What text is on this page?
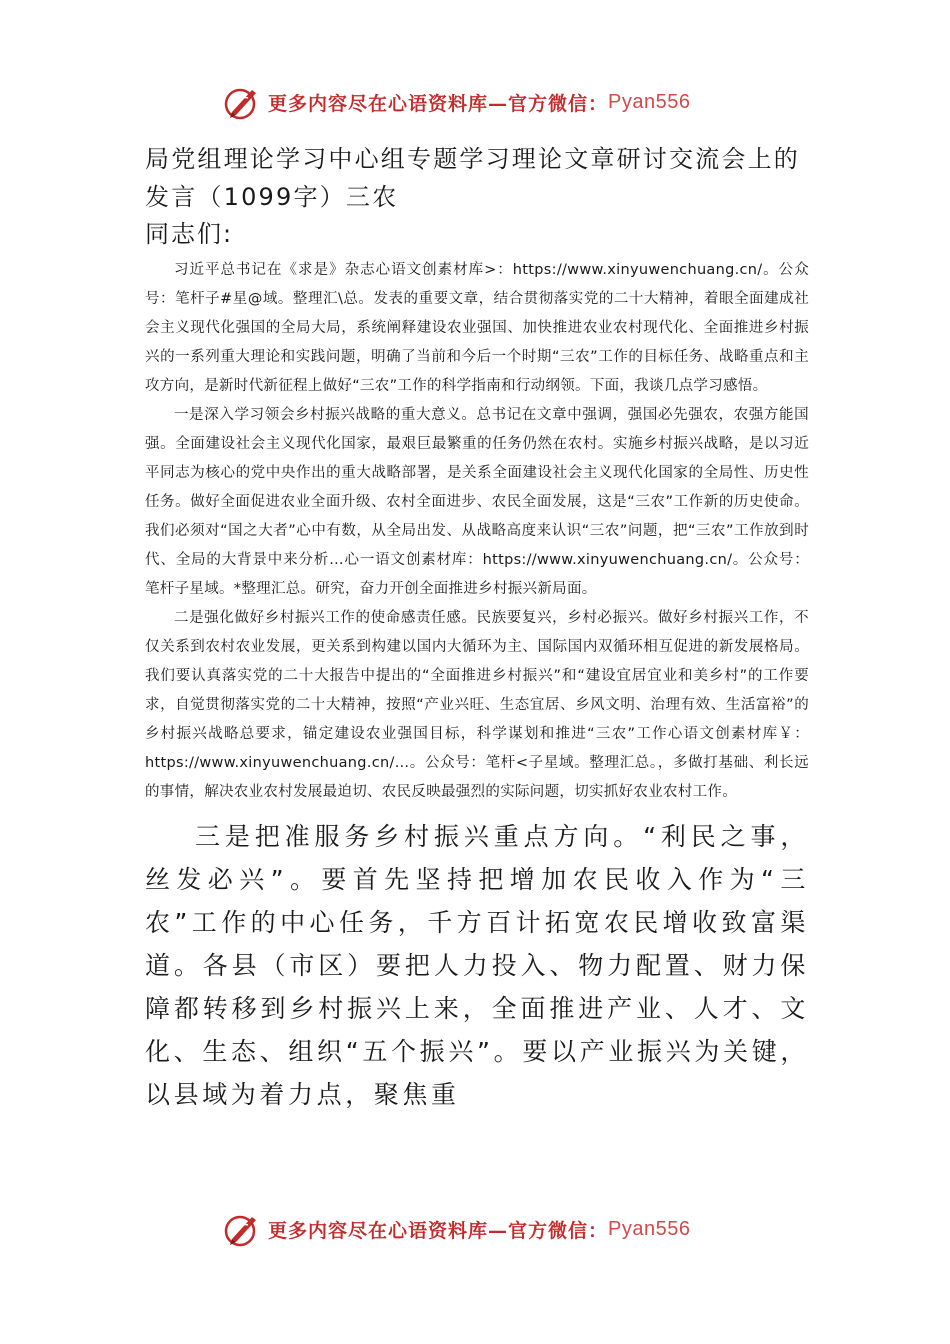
更多内容尽在心语资料库—官方微信： Pyan556
局党组理论学习中心组专题学习理论文章研讨交流会上的发言（1099字）三农

同志们:

习近平总书记在《求是》杂志心语文创素材库>：https://www.xinyuwenchuang.cn/。公众号：笔杆子#星@域。整理汇\总。发表的重要文章，结合贯彻落实党的二十大精神，着眼全面建成社会主义现代化强国的全局大局，系统阐释建设农业强国、加快推进农业农村现代化、全面推进乡村振兴的一系列重大理论和实践问题，明确了当前和今后一个时期“三农”工作的目标任务、战略重点和主攻方向，是新时代新征程上做好“三农”工作的科学指南和行动纲领。下面，我谈几点学习感悟。

一是深入学习领会乡村振兴战略的重大意义。总书记在文章中强调，强国必先强农，农强方能国强。全面建设社会主义现代化国家，最艰巨最繁重的任务仍然在农村。实施乡村振兴战略，是以习近平同志为核心的党中央作出的重大战略部署，是关系全面建设社会主义现代化国家的全局性、历史性任务。做好全面促进农业全面升级、农村全面进步、农民全面发展，这是“三农”工作新的历史使命。我们必须对“国之大者”心中有数，从全局出发、从战略高度来认识“三农”问题，把“三农”工作放到时代、全局的大背景中来分析…心一语文创素材库：https://www.xinyuwenchuang.cn/。公众号：笔杆子星域。*整理汇总。研究，奋力开创全面推进乡村振兴新局面。

二是强化做好乡村振兴工作的使命感责任感。民族要复兴，乡村必振兴。做好乡村振兴工作，不仅关系到农村农业发展，更关系到构建以国内大循环为主、国际国内双循环相互促进的新发展格局。我们要认真落实党的二十大报告中提出的“全面推进乡村振兴”和“建设宜居宜业和美乡村”的工作要求，自觉贯彻落实党的二十大精神，按照“产业兴旺、生态宜居、乡风文明、治理有效、生活富裕”的乡村振兴战略总要求，锚定建设农业强国目标，科学谋划和推进“三农”工作心语文创素材库￥：https://www.xinyuwenchuang.cn/…。公众号：笔杆<子星域。整理汇总。，多做打基础、利长远的事情，解决农业农村发展最迫切、农民反映最强烈的实际问题，切实抓好农业农村工作。

三是把准服务乡村振兴重点方向。“利民之事，丝发必兴”。要首先坚持把增加农民收入作为“三农”工作的中心任务，千方百计拓宽农民增收致富渠道。各县（市区）要把人力投入、物力配置、财力保障都转移到乡村振兴上来，全面推进产业、人才、文化、生态、组织“五个振兴”。要以产业振兴为关键，以县域为着力点，聚焦重

更多内容尽在心语资料库—官方微信： Pyan556
